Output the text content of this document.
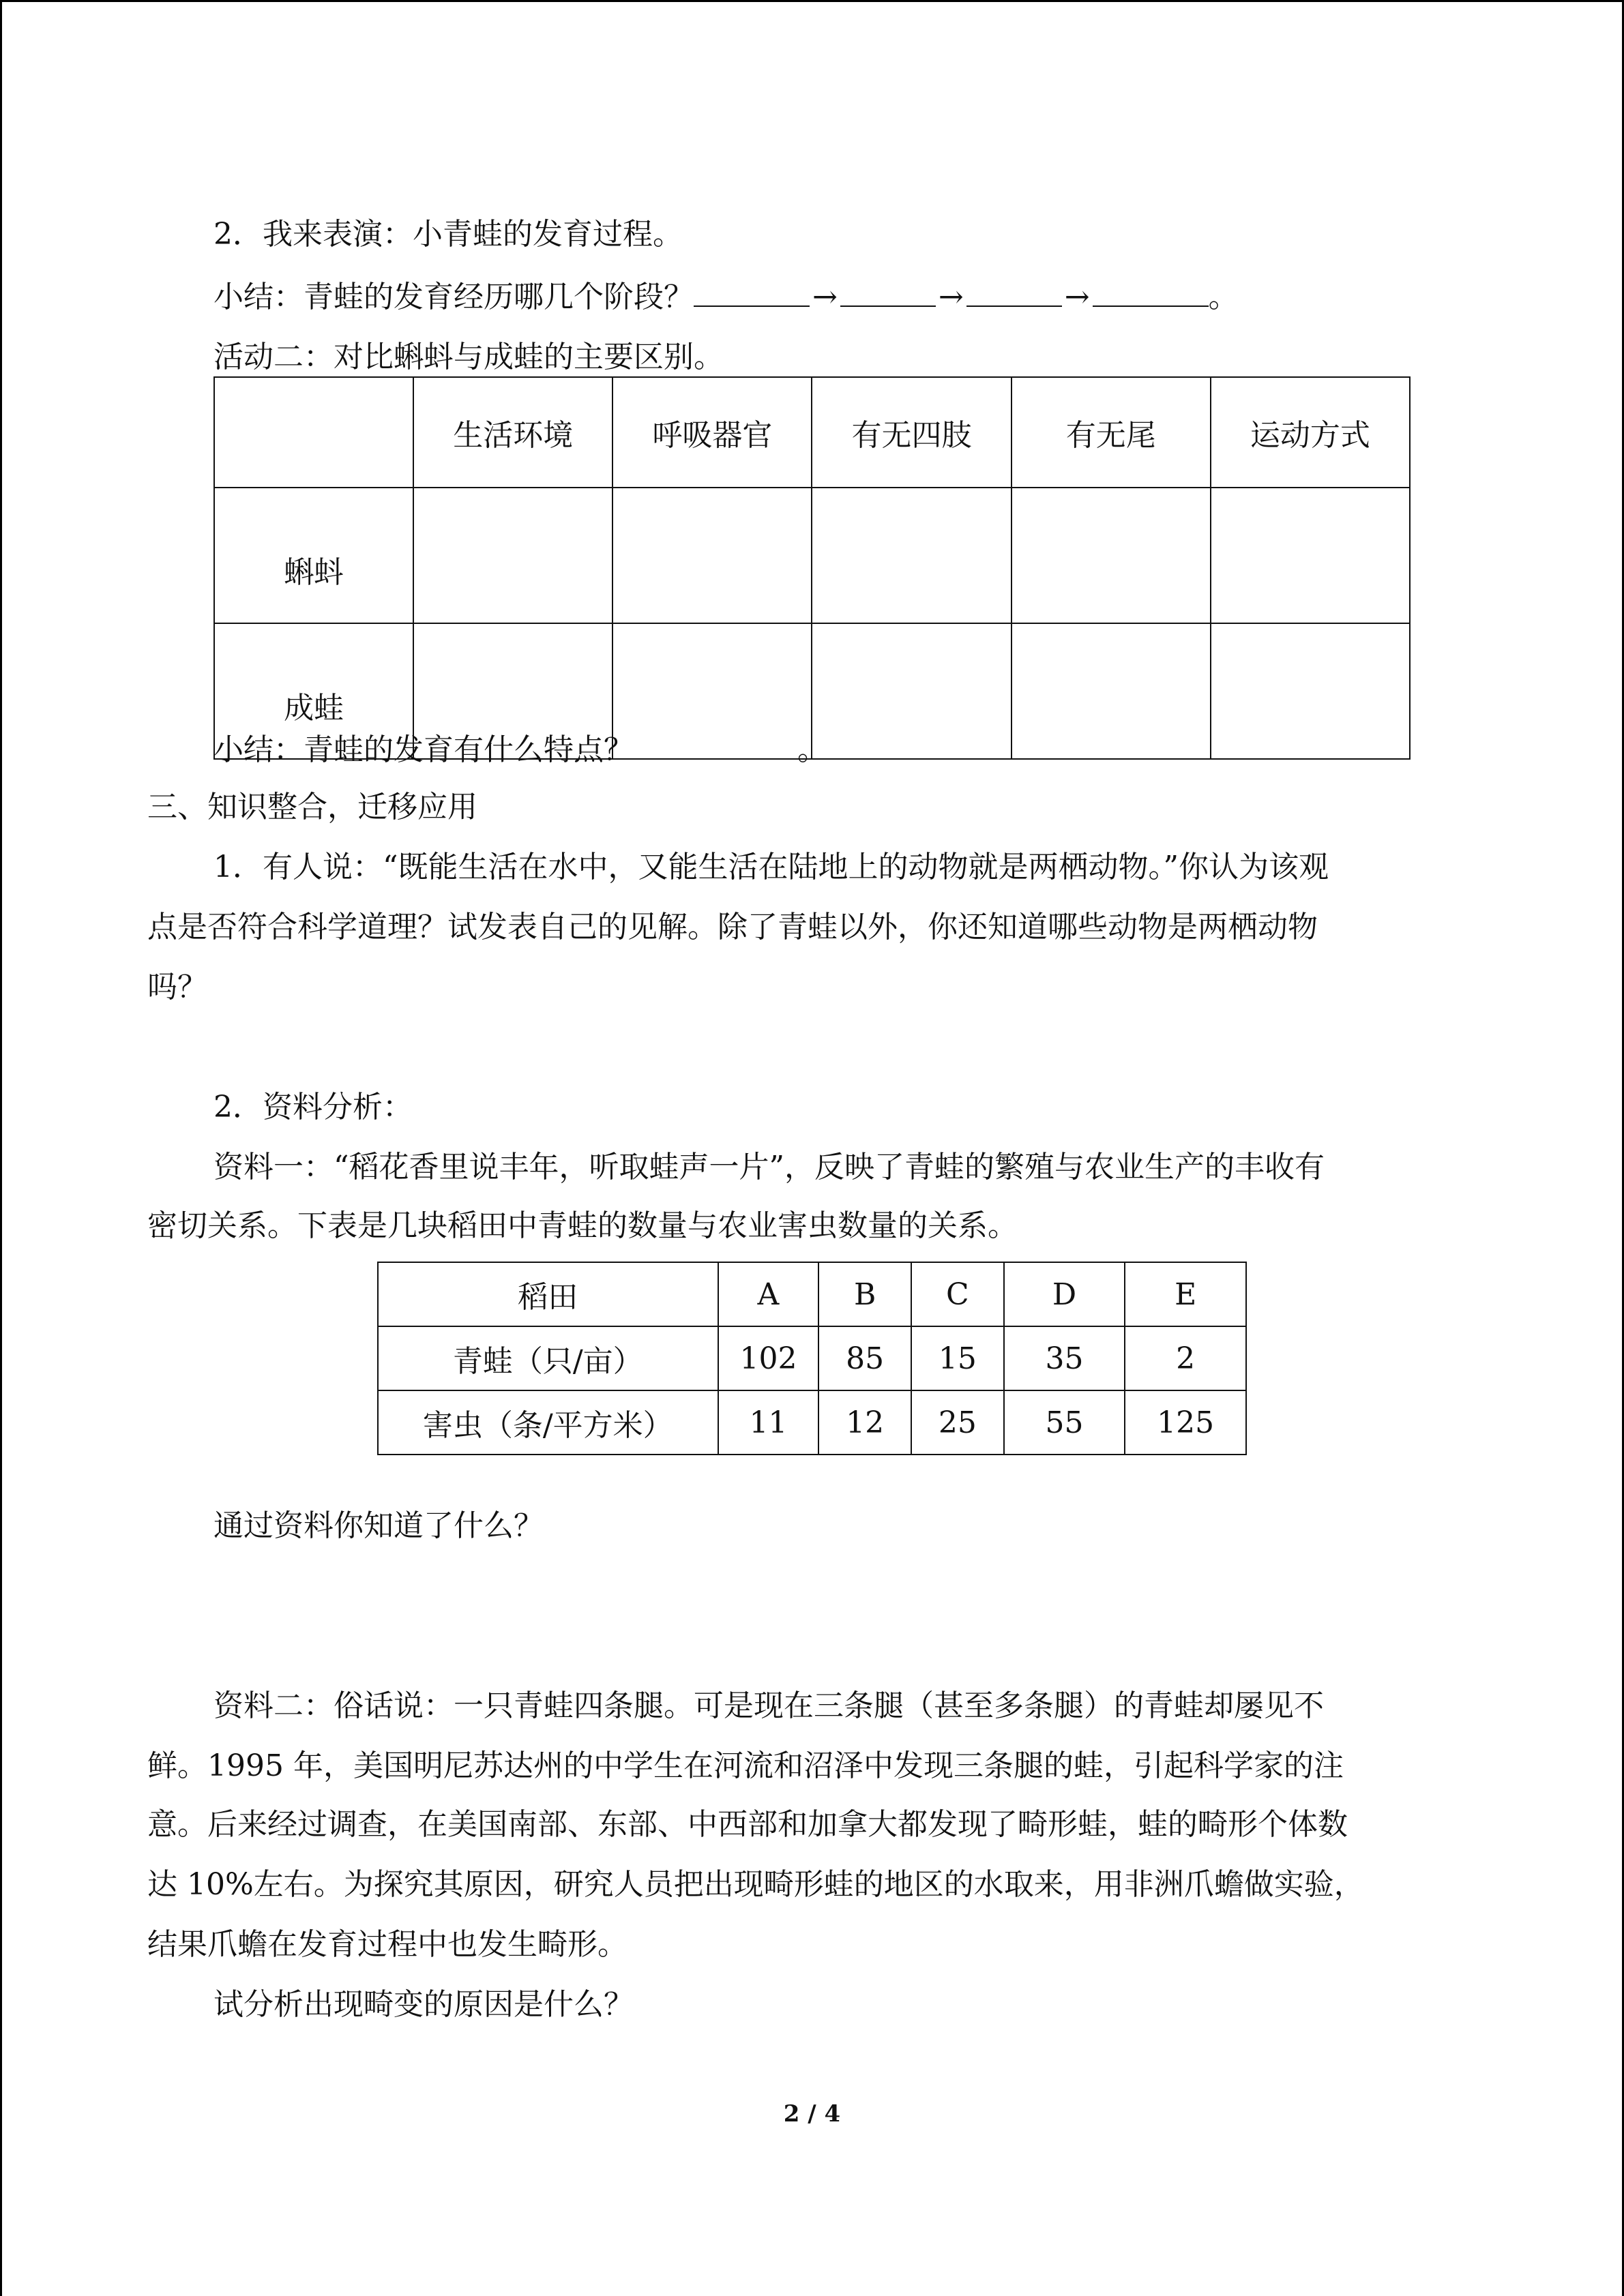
2．我来表演：小青蛙的发育过程。
小结：青蛙的发育经历哪几个阶段？	→	→	→	。
活动二：对比蝌蚪与成蛙的主要区别。
	生活环境	呼吸器官	有无四肢	有无尾	运动方式
蝌蚪					
成蛙					
小结：青蛙的发育有什么特点？	。
三、知识整合，迁移应用
1．有人说：“既能生活在水中，又能生活在陆地上的动物就是两栖动物。”你认为该观
点是否符合科学道理？试发表自己的见解。除了青蛙以外，你还知道哪些动物是两栖动物
吗？
2．资料分析：
资料一：“稻花香里说丰年，听取蛙声一片”，反映了青蛙的繁殖与农业生产的丰收有
密切关系。下表是几块稻田中青蛙的数量与农业害虫数量的关系。
稻田	A	B	C	D	E
青蛙（只/亩）	102	85	15	35	2
害虫（条/平方米）	11	12	25	55	125
通过资料你知道了什么？
资料二：俗话说：一只青蛙四条腿。可是现在三条腿（甚至多条腿）的青蛙却屡见不
鲜。1995 年，美国明尼苏达州的中学生在河流和沼泽中发现三条腿的蛙，引起科学家的注
意。后来经过调查，在美国南部、东部、中西部和加拿大都发现了畸形蛙，蛙的畸形个体数
达 10%左右。为探究其原因，研究人员把出现畸形蛙的地区的水取来，用非洲爪蟾做实验，
结果爪蟾在发育过程中也发生畸形。
试分析出现畸变的原因是什么？
2 / 4
